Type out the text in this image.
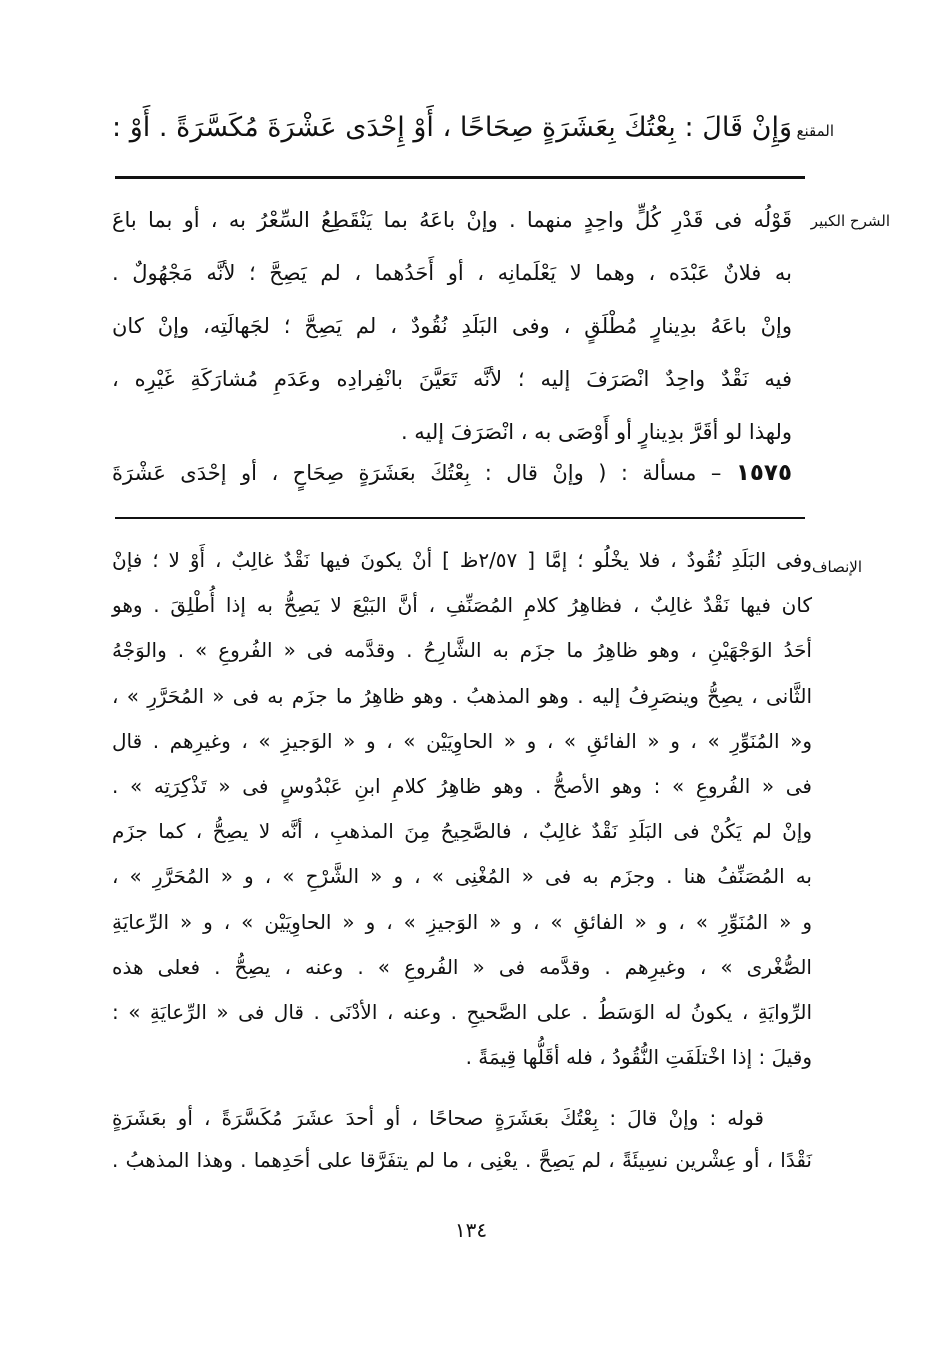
المقنع
وَإِنْ قَالَ : بِعْتُكَ بِعَشَرَةٍ صِحَاحًا ، أَوْ إِحْدَى عَشْرَةَ مُكَسَّرَةً . أَوْ :
الشرح الكبير
قَوْلُه فى قَدْرِ كُلٍّ واحِدٍ منهما . وإنْ باعَهُ بما يَنْقَطِعُ السِّعْرُ به ، أو بما باعَ
به فلانٌ عَبْدَه ، وهما لا يَعْلَمانِه ، أو أَحَدُهما ، لم يَصِحَّ ؛ لأنَّه مَجْهُولٌ .
وإنْ باعَهُ بدِينارٍ مُطْلَقٍ ، وفى البَلَدِ نُقُودٌ ، لم يَصِحَّ ؛ لجَهالَتِه، وإنْ كان
فيه نَقْدٌ واحِدٌ انْصَرَفَ إليه ؛ لأنَّه تَعَيَّنَ بانْفِرادِه وعَدَمِ مُشارَكَةِ غَيْرِه ،
ولهذا لو أقَرَّ بدِينارٍ أو أَوْصَى به ، انْصَرَفَ إليه .
١٥٧٥ – مسألة : ( وإنْ قال : بِعْتُكَ بعَشَرَةٍ صِحَاحٍ ، أو إحْدَى عَشْرَةَ
الإنصاف
وفى البَلَدِ نُقُودٌ ، فلا يخْلُو ؛ إمَّا [ ٢/٥٧ظ ] أنْ يكونَ فيها نَقْدٌ غالِبٌ ، أَوْ لا ؛ فإنْ
كان فيها نَقْدٌ غالِبٌ ، فظاهِرُ كلامِ المُصَنِّفِ ، أنَّ البَيْعَ لا يَصِحُّ به إذا أُطْلِقَ . وهو
أحَدُ الوَجْهَيْنِ ، وهو ظاهِرُ ما جزَم به الشَّارِحُ . وقدَّمه فى « الفُروعِ » . والوَجْهُ
الثَّانى ، يصِحُّ وينصَرِفُ إليه . وهو المذهبُ . وهو ظاهِرُ ما جزَم به فى « المُحَرَّرِ » ،
و« المُنَوِّرِ » ، و « الفائقِ » ، و « الحاوِيَيْن » ، و « الوَجيزِ » ، وغيرِهم . قال
فى « الفُروعِ » : وهو الأصحُّ . وهو ظاهِرُ كلامِ ابنِ عَبْدُوسٍ فى « تَذْكِرَتِه » .
وإنْ لم يَكُنْ فى البَلَدِ نَقْدٌ غالِبٌ ، فالصَّحِيحُ مِنَ المذهبِ ، أنَّه لا يصِحُّ ، كما جزَم
به المُصَنِّفُ هنا . وجزَم به فى « المُغْنِى » ، و « الشَّرْحِ » ، و « المُحَرَّرِ » ،
و « المُنَوِّرِ » ، و « الفائقِ » ، و « الوَجيزِ » ، و « الحاوِيَيْن » ، و « الرِّعايَةِ
الصُّغْرى » ، وغيرِهم . وقدَّمه فى « الفُروعِ » . وعنه ، يصِحُّ . فعلى هذه
الرِّوايَةِ ، يكونُ له الوَسَطُ . على الصَّحيحِ . وعنه ، الأدْنَى . قال فى « الرِّعايَةِ » :
وقيلَ : إذا اخْتلَفَتِ النُّقُودُ ، فله أقَلُّها قِيمَةً .
قوله : وإنْ قالَ : بِعْتُكَ بعَشَرَةٍ صحاحًا ، أو أحدَ عشَرَ مُكَسَّرَةً ، أو بعَشَرَةٍ
نَقْدًا ، أو عِشْرين نسِيئَةً ، لم يَصِحَّ . يعْنِى ، ما لم يتفَرَّقا على أحَدِهما . وهذا المذهبُ .
١٣٤
